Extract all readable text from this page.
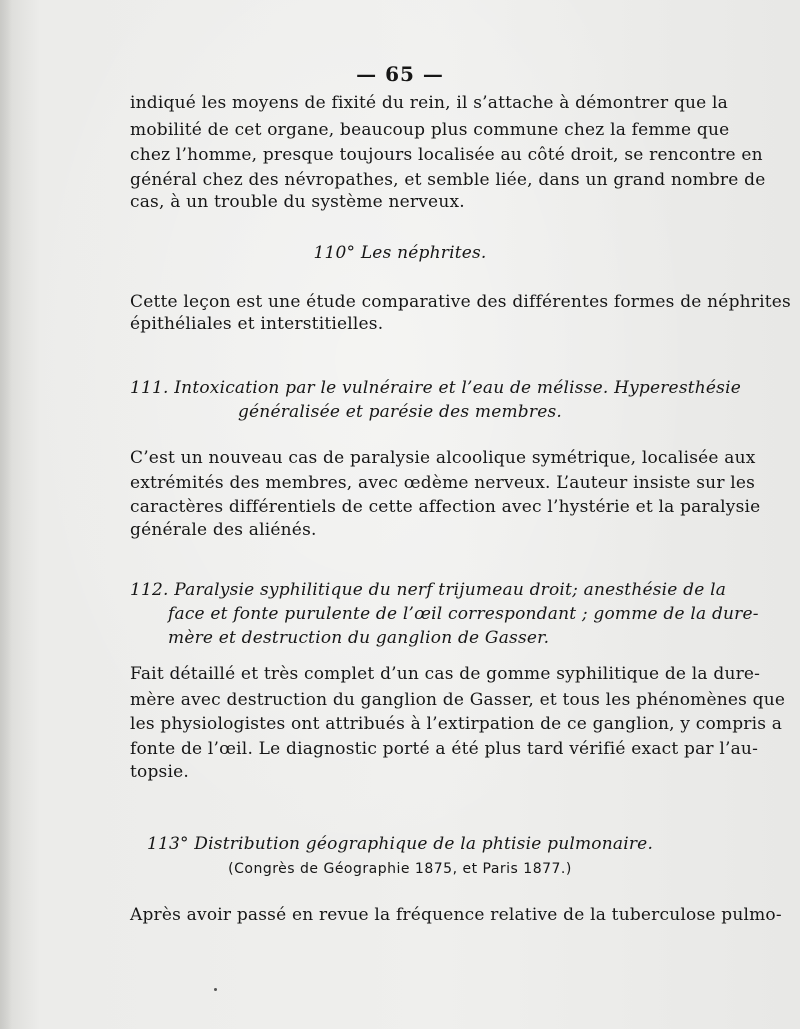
— 65 —
indiqué les moyens de fixité du rein, il s’attache à démontrer que la
mobilité de cet organe, beaucoup plus commune chez la femme que
chez l’homme, presque toujours localisée au côté droit, se rencontre en
général chez des névropathes, et semble liée, dans un grand nombre de
cas, à un trouble du système nerveux.
110° Les néphrites.
Cette leçon est une étude comparative des différentes formes de néphrites
épithéliales et interstitielles.
111. Intoxication par le vulnéraire et l’eau de mélisse. Hyperesthésie
généralisée et parésie des membres.
C’est un nouveau cas de paralysie alcoolique symétrique, localisée aux
extrémités des membres, avec œdème nerveux. L’auteur insiste sur les
caractères différentiels de cette affection avec l’hystérie et la paralysie
générale des aliénés.
112. Paralysie syphilitique du nerf trijumeau droit; anesthésie de la
face et fonte purulente de l’œil correspondant ; gomme de la dure-
mère et destruction du ganglion de Gasser.
Fait détaillé et très complet d’un cas de gomme syphilitique de la dure-
mère avec destruction du ganglion de Gasser, et tous les phénomènes que
les physiologistes ont attribués à l’extirpation de ce ganglion, y compris a
fonte de l’œil. Le diagnostic porté a été plus tard vérifié exact par l’au-
topsie.
113° Distribution géographique de la phtisie pulmonaire.
(Congrès de Géographie 1875, et Paris 1877.)
Après avoir passé en revue la fréquence relative de la tuberculose pulmo-
